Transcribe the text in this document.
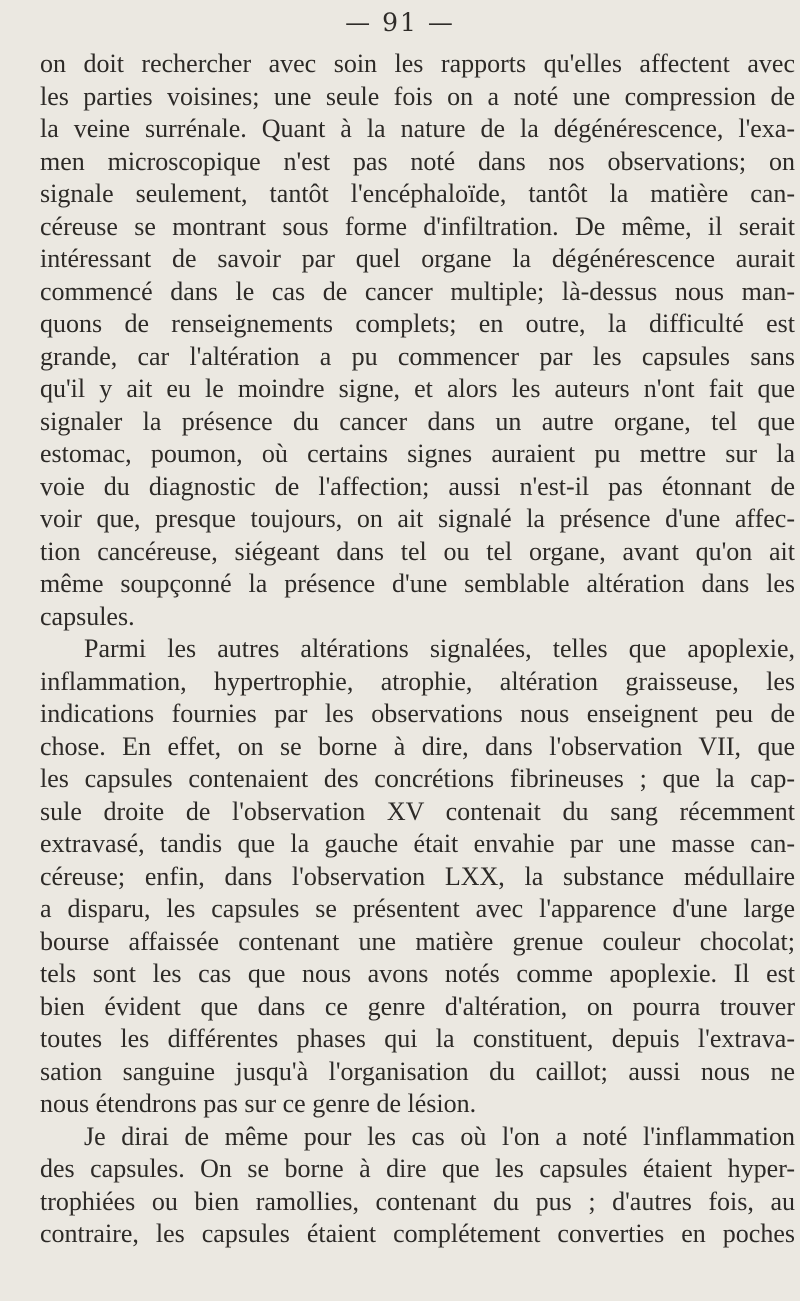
— 91 —
on doit rechercher avec soin les rapports qu'elles affectent avec
les parties voisines; une seule fois on a noté une compression de
la veine surrénale. Quant à la nature de la dégénérescence, l'exa-
men microscopique n'est pas noté dans nos observations; on
signale seulement, tantôt l'encéphaloïde, tantôt la matière can-
céreuse se montrant sous forme d'infiltration. De même, il serait
intéressant de savoir par quel organe la dégénérescence aurait
commencé dans le cas de cancer multiple; là-dessus nous man-
quons de renseignements complets; en outre, la difficulté est
grande, car l'altération a pu commencer par les capsules sans
qu'il y ait eu le moindre signe, et alors les auteurs n'ont fait que
signaler la présence du cancer dans un autre organe, tel que
estomac, poumon, où certains signes auraient pu mettre sur la
voie du diagnostic de l'affection; aussi n'est-il pas étonnant de
voir que, presque toujours, on ait signalé la présence d'une affec-
tion cancéreuse, siégeant dans tel ou tel organe, avant qu'on ait
même soupçonné la présence d'une semblable altération dans les
capsules.
Parmi les autres altérations signalées, telles que apoplexie,
inflammation, hypertrophie, atrophie, altération graisseuse, les
indications fournies par les observations nous enseignent peu de
chose. En effet, on se borne à dire, dans l'observation VII, que
les capsules contenaient des concrétions fibrineuses ; que la cap-
sule droite de l'observation XV contenait du sang récemment
extravasé, tandis que la gauche était envahie par une masse can-
céreuse; enfin, dans l'observation LXX, la substance médullaire
a disparu, les capsules se présentent avec l'apparence d'une large
bourse affaissée contenant une matière grenue couleur chocolat;
tels sont les cas que nous avons notés comme apoplexie. Il est
bien évident que dans ce genre d'altération, on pourra trouver
toutes les différentes phases qui la constituent, depuis l'extrava-
sation sanguine jusqu'à l'organisation du caillot; aussi nous ne
nous étendrons pas sur ce genre de lésion.
Je dirai de même pour les cas où l'on a noté l'inflammation
des capsules. On se borne à dire que les capsules étaient hyper-
trophiées ou bien ramollies, contenant du pus ; d'autres fois, au
contraire, les capsules étaient complétement converties en poches
